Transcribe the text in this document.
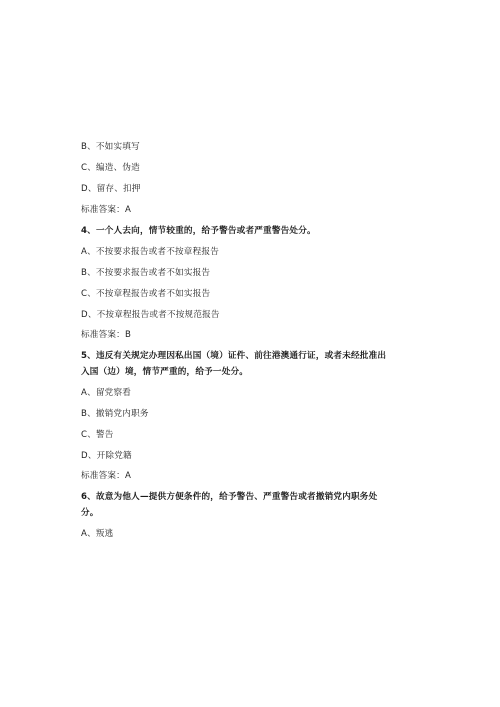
B、不如实填写
C、编造、伪造
D、留存、扣押
标准答案：A
4、一个人去向，情节较重的，给予警告或者严重警告处分。
A、不按要求报告或者不按章程报告
B、不按要求报告或者不如实报告
C、不按章程报告或者不如实报告
D、不按章程报告或者不按规范报告
标准答案：B
5、违反有关规定办理因私出国（境）证件、前往港澳通行证，或者未经批准出
入国（边）境，情节严重的，给予一处分。
A、留党察看
B、撤销党内职务
C、警告
D、开除党籍
标准答案：A
6、故意为他人—提供方便条件的，给予警告、严重警告或者撤销党内职务处
分。
A、叛逃
